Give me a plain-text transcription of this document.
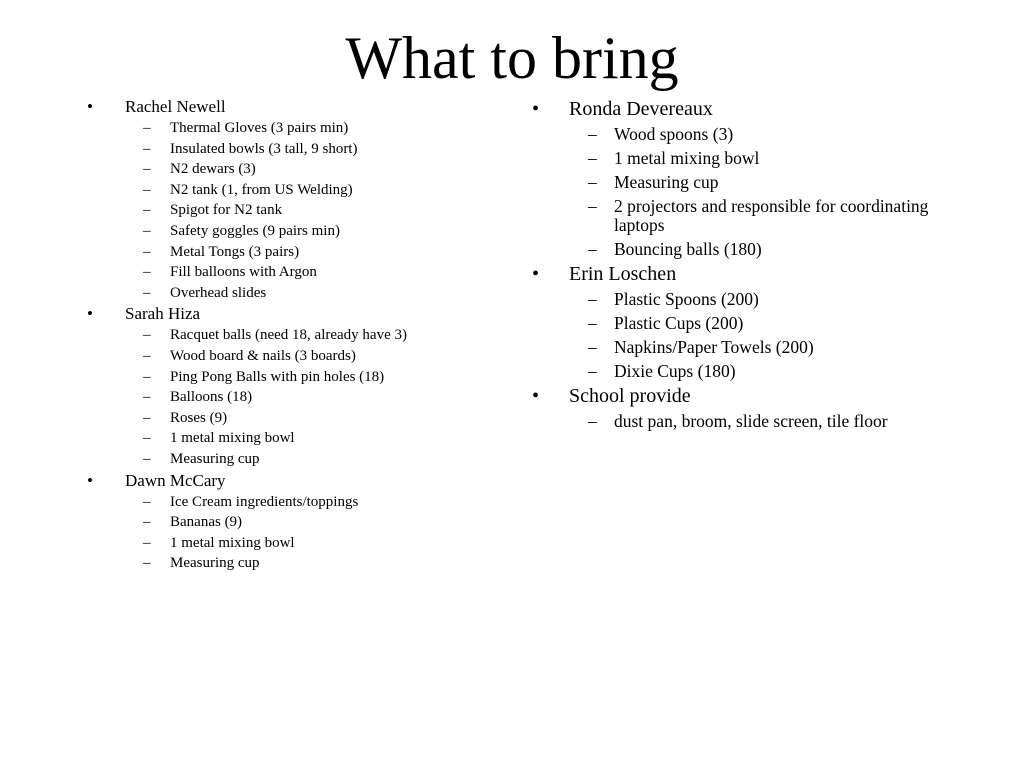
What to bring
•	Rachel Newell
–	Thermal Gloves (3 pairs min)
–	Insulated bowls (3 tall, 9 short)
–	N2 dewars (3)
–	N2 tank (1, from US Welding)
–	Spigot for N2 tank
–	Safety goggles (9 pairs min)
–	Metal Tongs (3 pairs)
–	Fill balloons with Argon
–	Overhead slides
•	Sarah Hiza
–	Racquet balls (need 18, already have 3)
–	Wood board & nails (3 boards)
–	Ping Pong Balls with pin holes (18)
–	Balloons (18)
–	Roses (9)
–	1 metal mixing bowl
–	Measuring cup
•	Dawn McCary
–	Ice Cream ingredients/toppings
–	Bananas (9)
–	1 metal mixing bowl
–	Measuring cup
•	Ronda Devereaux
– Wood spoons (3)
– 1 metal mixing bowl
– Measuring cup
– 2 projectors and responsible for coordinating laptops
– Bouncing balls (180)
•	Erin Loschen
– Plastic Spoons (200)
– Plastic Cups (200)
– Napkins/Paper Towels (200)
– Dixie Cups (180)
•	School provide
– dust pan, broom, slide screen, tile floor
